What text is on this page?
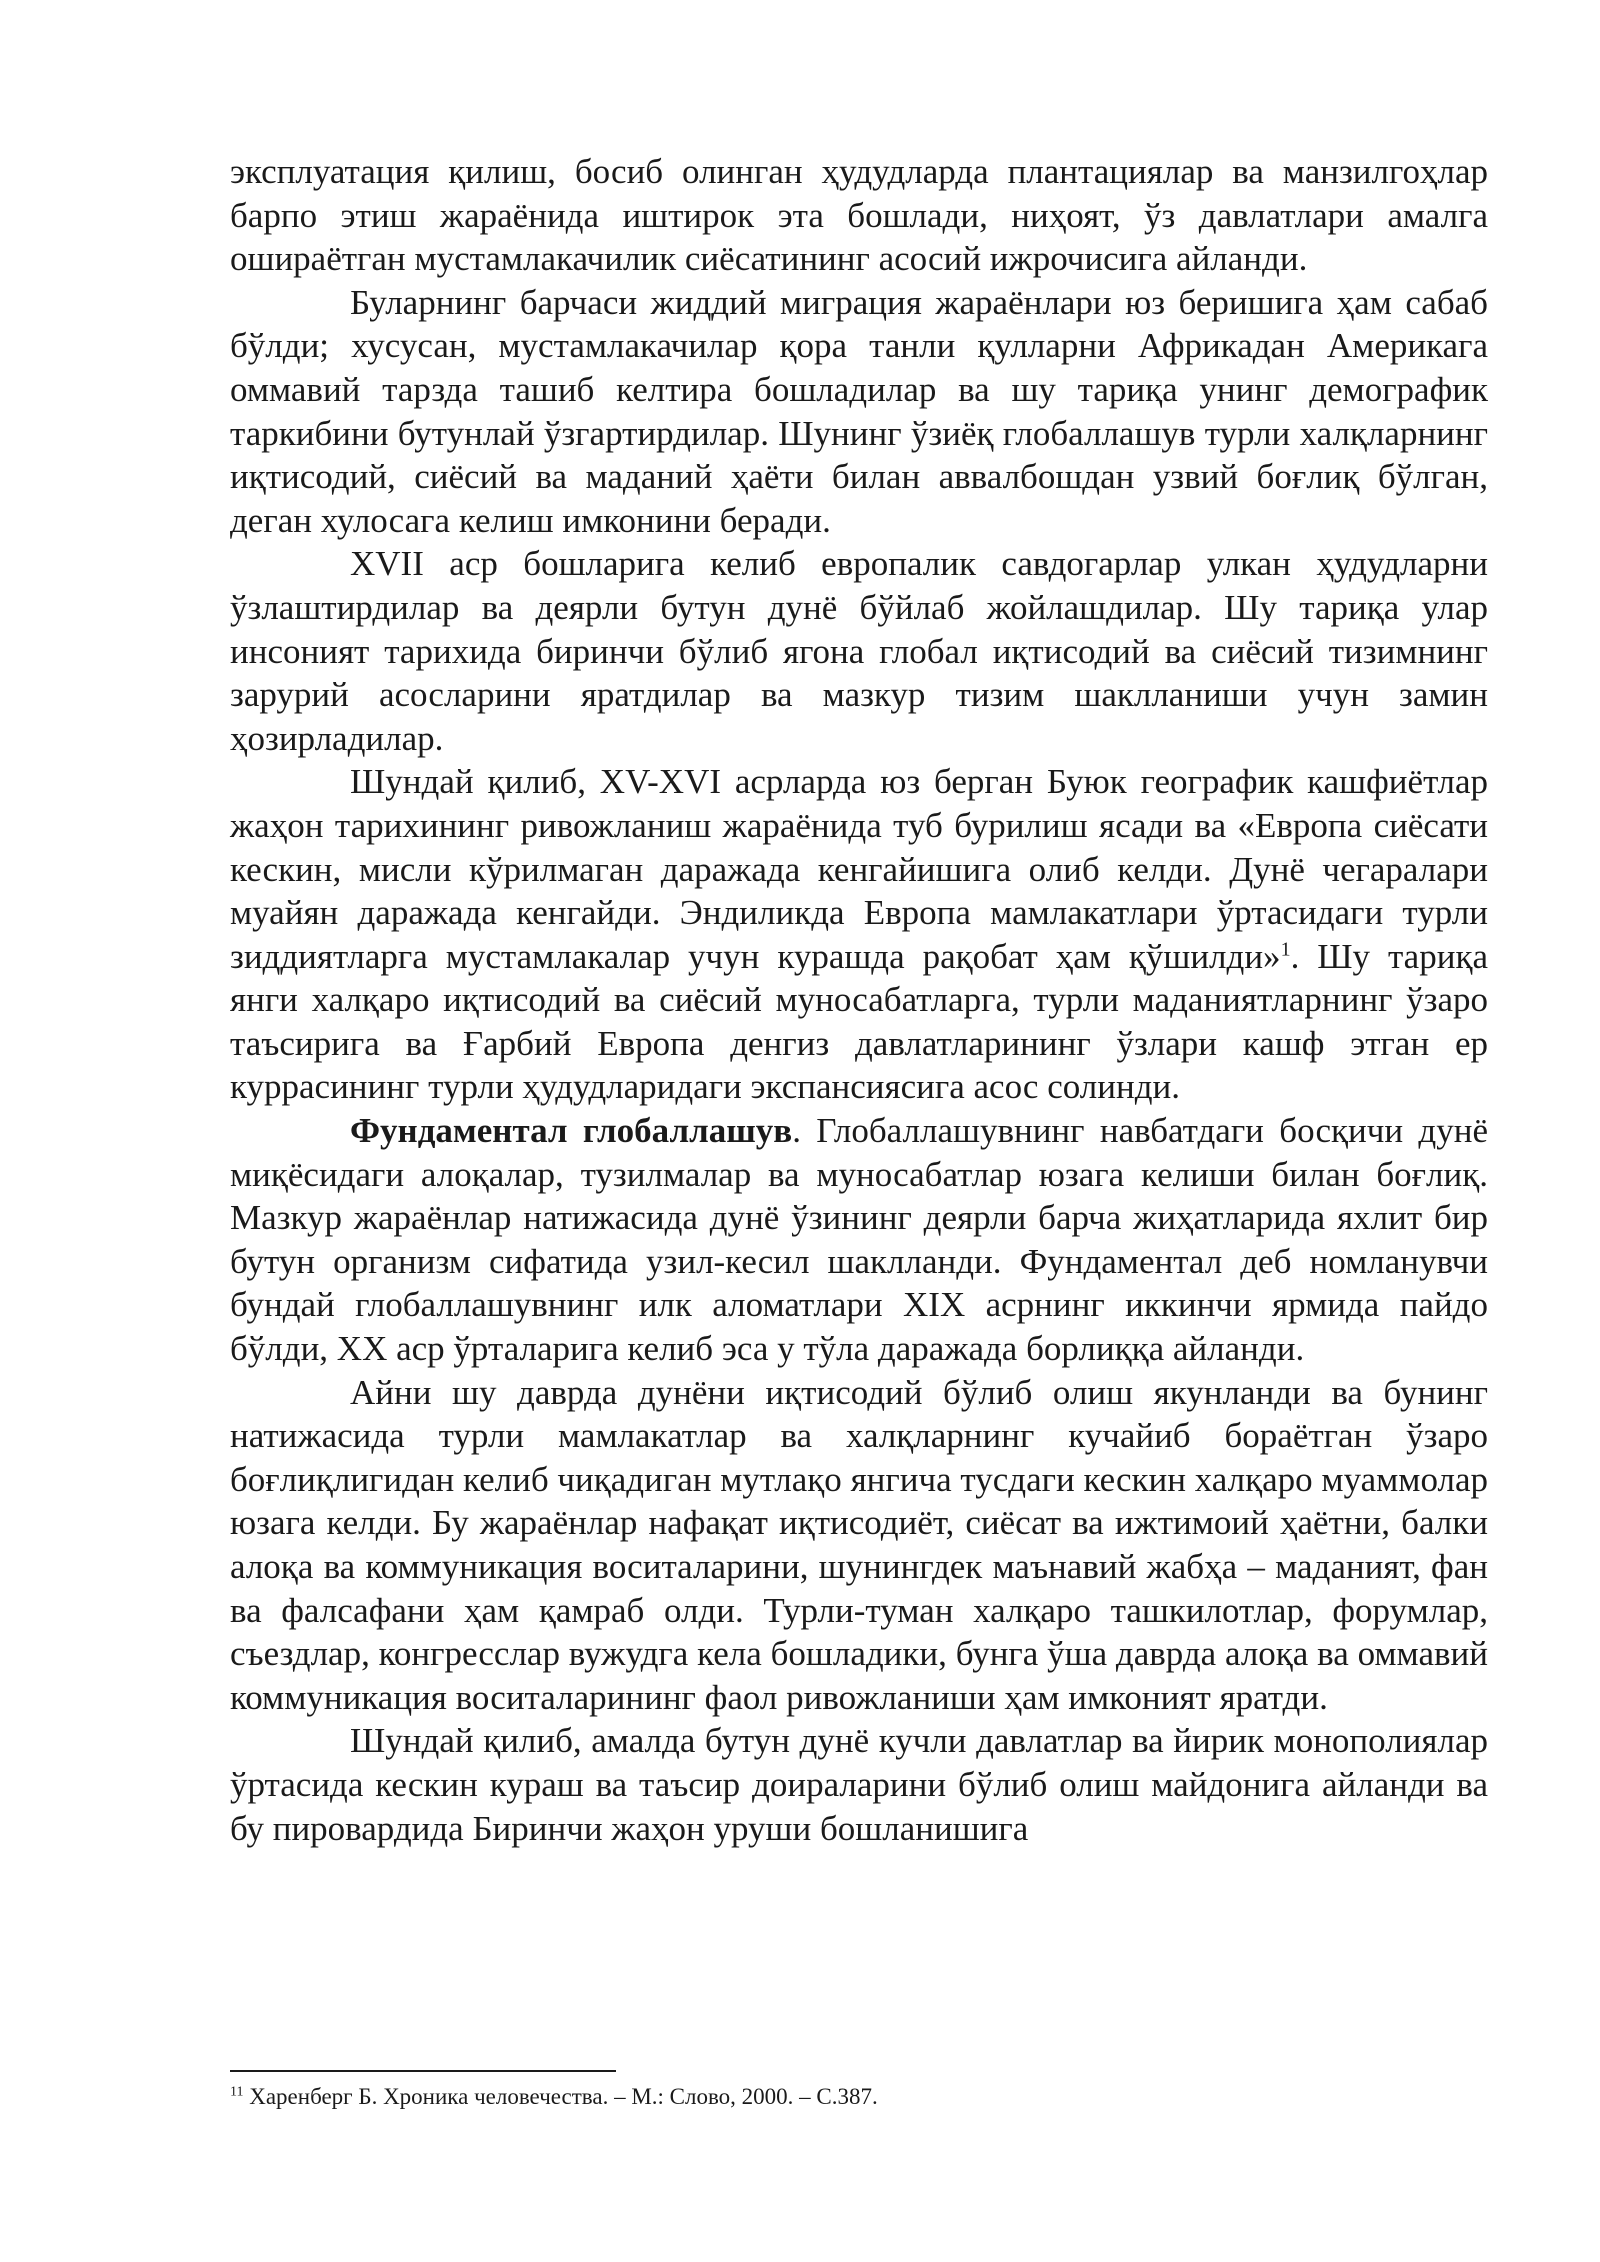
эксплуатация қилиш, босиб олинган ҳудудларда плантациялар ва манзилгоҳлар барпо этиш жараёнида иштирок эта бошлади, ниҳоят, ўз давлатлари амалга ошираётган мустамлакачилик сиёсатининг асосий ижрочисига айланди.

Буларнинг барчаси жиддий миграция жараёнлари юз беришига ҳам сабаб бўлди; хусусан, мустамлакачилар қора танли қулларни Африкадан Америкага оммавий тарзда ташиб келтира бошладилар ва шу тариқа унинг демографик таркибини бутунлай ўзгартирдилар. Шунинг ўзиёқ глобаллашув турли халқларнинг иқтисодий, сиёсий ва маданий ҳаёти билан аввалбошдан узвий боғлиқ бўлган, деган хулосага келиш имконини беради.

XVII аср бошларига келиб европалик савдогарлар улкан ҳудудларни ўзлаштирдилар ва деярли бутун дунё бўйлаб жойлашдилар. Шу тариқа улар инсоният тарихида биринчи бўлиб ягона глобал иқтисодий ва сиёсий тизимнинг зарурий асосларини яратдилар ва мазкур тизим шаклланиши учун замин ҳозирладилар.

Шундай қилиб, XV-XVI асрларда юз берган Буюк географик кашфиётлар жаҳон тарихининг ривожланиш жараёнида туб бурилиш ясади ва «Европа сиёсати кескин, мисли кўрилмаган даражада кенгайишига олиб келди. Дунё чегаралари муайян даражада кенгайди. Эндиликда Европа мамлакатлари ўртасидаги турли зиддиятларга мустамлакалар учун курашда рақобат ҳам қўшилди»$^1$. Шу тариқа янги халқаро иқтисодий ва сиёсий муносабатларга, турли маданиятларнинг ўзаро таъсирига ва Ғарбий Европа денгиз давлатларининг ўзлари кашф этган ер куррасининг турли ҳудудларидаги экспансиясига асос солинди.

Фундаментал глобаллашув. Глобаллашувнинг навбатдаги босқичи дунё миқёсидаги алоқалар, тузилмалар ва муносабатлар юзага келиши билан боғлиқ. Мазкур жараёнлар натижасида дунё ўзининг деярли барча жиҳатларида яхлит бир бутун организм сифатида узил-кесил шаклланди. Фундаментал деб номланувчи бундай глобаллашувнинг илк аломатлари XIX асрнинг иккинчи ярмида пайдо бўлди, XX аср ўрталарига келиб эса у тўла даражада борлиққа айланди.

Айни шу даврда дунёни иқтисодий бўлиб олиш якунланди ва бунинг натижасида турли мамлакатлар ва халқларнинг кучайиб бораётган ўзаро боғлиқлигидан келиб чиқадиган мутлақо янгича тусдаги кескин халқаро муаммолар юзага келди. Бу жараёнлар нафақат иқтисодиёт, сиёсат ва ижтимоий ҳаётни, балки алоқа ва коммуникация воситаларини, шунингдек маънавий жабҳа – маданият, фан ва фалсафани ҳам қамраб олди. Турли-туман халқаро ташкилотлар, форумлар, съездлар, конгресслар вужудга кела бошладики, бунга ўша даврда алоқа ва оммавий коммуникация воситаларининг фаол ривожланиши ҳам имконият яратди.

Шундай қилиб, амалда бутун дунё кучли давлатлар ва йирик монополиялар ўртасида кескин кураш ва таъсир доираларини бўлиб олиш майдонига айланди ва бу пировардида Биринчи жаҳон уруши бошланишига

$^{11}$ Харенберг Б. Хроника человечества. – М.: Слово, 2000. – С.387.
